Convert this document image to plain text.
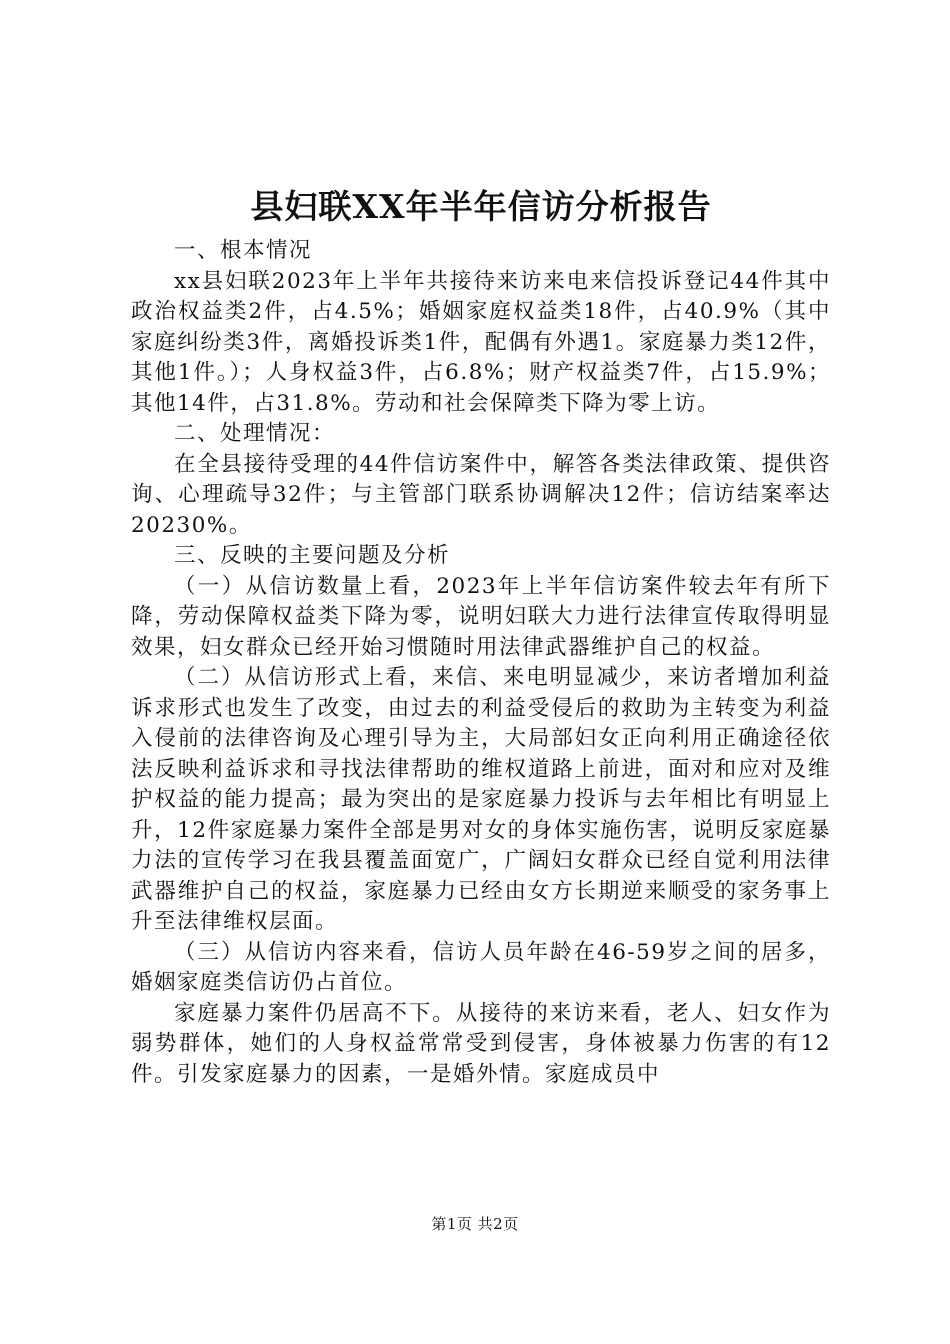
县妇联XX年半年信访分析报告

一、根本情况

xx县妇联2023年上半年共接待来访来电来信投诉登记44件其中政治权益类2件，占4.5%；婚姻家庭权益类18件，占40.9%（其中家庭纠纷类3件，离婚投诉类1件，配偶有外遇1。家庭暴力类12件，其他1件。）；人身权益3件，占6.8%；财产权益类7件，占15.9%；其他14件，占31.8%。劳动和社会保障类下降为零上访。

二、处理情况：

在全县接待受理的44件信访案件中，解答各类法律政策、提供咨询、心理疏导32件；与主管部门联系协调解决12件；信访结案率达20230%。

三、反映的主要问题及分析

（一）从信访数量上看，2023年上半年信访案件较去年有所下降，劳动保障权益类下降为零，说明妇联大力进行法律宣传取得明显效果，妇女群众已经开始习惯随时用法律武器维护自己的权益。

（二）从信访形式上看，来信、来电明显减少，来访者增加利益诉求形式也发生了改变，由过去的利益受侵后的救助为主转变为利益入侵前的法律咨询及心理引导为主，大局部妇女正向利用正确途径依法反映利益诉求和寻找法律帮助的维权道路上前进，面对和应对及维护权益的能力提高；最为突出的是家庭暴力投诉与去年相比有明显上升，12件家庭暴力案件全部是男对女的身体实施伤害，说明反家庭暴力法的宣传学习在我县覆盖面宽广，广阔妇女群众已经自觉利用法律武器维护自己的权益，家庭暴力已经由女方长期逆来顺受的家务事上升至法律维权层面。

（三）从信访内容来看，信访人员年龄在46-59岁之间的居多，婚姻家庭类信访仍占首位。

家庭暴力案件仍居高不下。从接待的来访来看，老人、妇女作为弱势群体，她们的人身权益常常受到侵害，身体被暴力伤害的有12件。引发家庭暴力的因素，一是婚外情。家庭成员中

第1页 共2页
